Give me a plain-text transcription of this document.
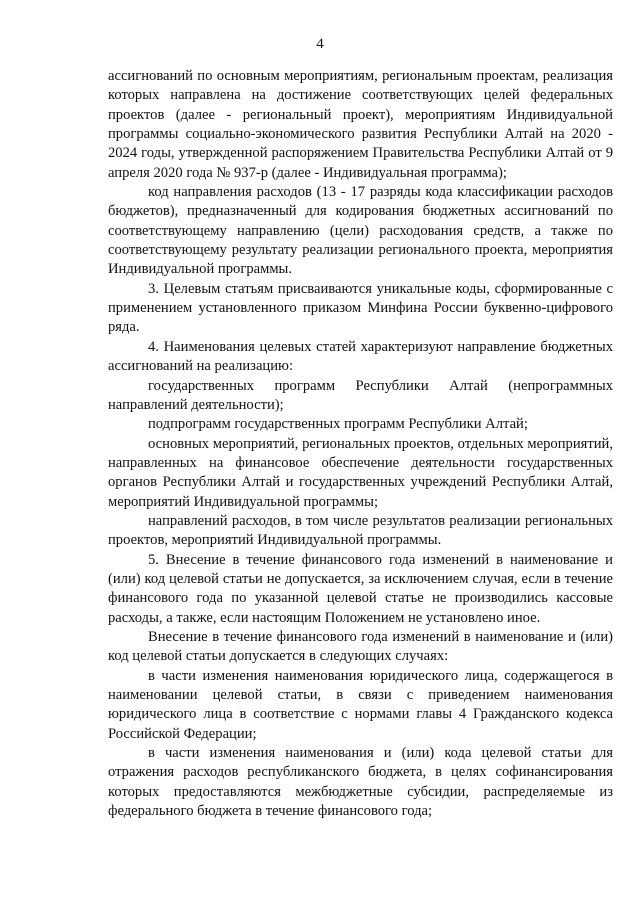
4

ассигнований по основным мероприятиям, региональным проектам, реализация которых направлена на достижение соответствующих целей федеральных проектов (далее - региональный проект), мероприятиям Индивидуальной программы социально-экономического развития Республики Алтай на 2020 - 2024 годы, утвержденной распоряжением Правительства Республики Алтай от 9 апреля 2020 года № 937-р (далее - Индивидуальная программа);

код направления расходов (13 - 17 разряды кода классификации расходов бюджетов), предназначенный для кодирования бюджетных ассигнований по соответствующему направлению (цели) расходования средств, а также по соответствующему результату реализации регионального проекта, мероприятия Индивидуальной программы.

3. Целевым статьям присваиваются уникальные коды, сформированные с применением установленного приказом Минфина России буквенно-цифрового ряда.

4. Наименования целевых статей характеризуют направление бюджетных ассигнований на реализацию:

государственных программ Республики Алтай (непрограммных направлений деятельности);

подпрограмм государственных программ Республики Алтай;

основных мероприятий, региональных проектов, отдельных мероприятий, направленных на финансовое обеспечение деятельности государственных органов Республики Алтай и государственных учреждений Республики Алтай, мероприятий Индивидуальной программы;

направлений расходов, в том числе результатов реализации региональных проектов, мероприятий Индивидуальной программы.

5. Внесение в течение финансового года изменений в наименование и (или) код целевой статьи не допускается, за исключением случая, если в течение финансового года по указанной целевой статье не производились кассовые расходы, а также, если настоящим Положением не установлено иное.

Внесение в течение финансового года изменений в наименование и (или) код целевой статьи допускается в следующих случаях:

в части изменения наименования юридического лица, содержащегося в наименовании целевой статьи, в связи с приведением наименования юридического лица в соответствие с нормами главы 4 Гражданского кодекса Российской Федерации;

в части изменения наименования и (или) кода целевой статьи для отражения расходов республиканского бюджета, в целях софинансирования которых предоставляются межбюджетные субсидии, распределяемые из федерального бюджета в течение финансового года;
